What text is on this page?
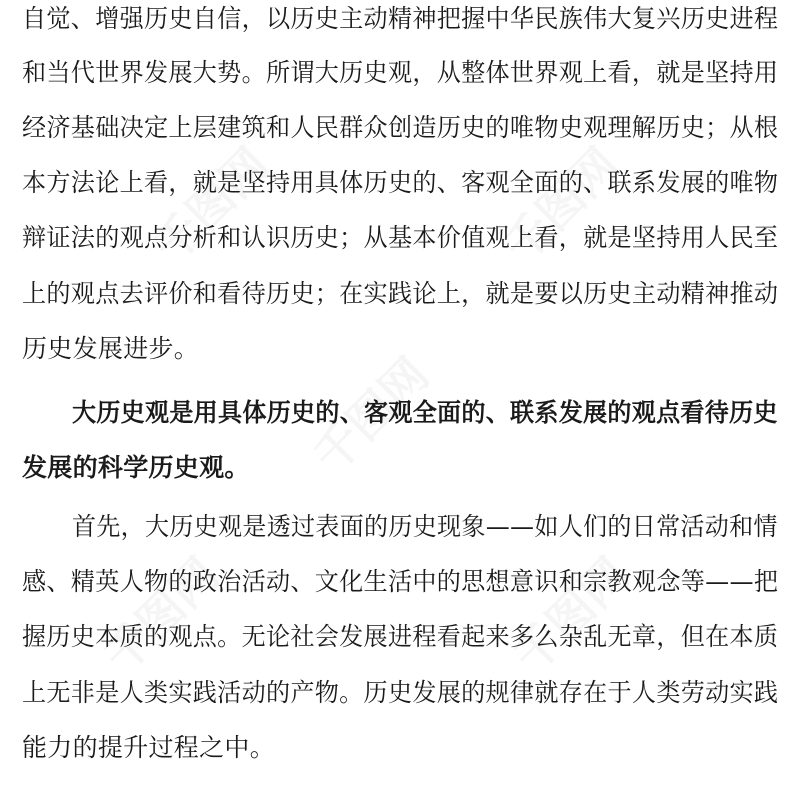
千图网	千图网
千图网
千图网	千图网
自觉、增强历史自信，以历史主动精神把握中华民族伟大复兴历史进程
和当代世界发展大势。所谓大历史观，从整体世界观上看，就是坚持用
经济基础决定上层建筑和人民群众创造历史的唯物史观理解历史；从根
本方法论上看，就是坚持用具体历史的、客观全面的、联系发展的唯物
辩证法的观点分析和认识历史；从基本价值观上看，就是坚持用人民至
上的观点去评价和看待历史；在实践论上，就是要以历史主动精神推动
历史发展进步。
大历史观是用具体历史的、客观全面的、联系发展的观点看待历史
发展的科学历史观。
首先，大历史观是透过表面的历史现象——如人们的日常活动和情
感、精英人物的政治活动、文化生活中的思想意识和宗教观念等——把
握历史本质的观点。无论社会发展进程看起来多么杂乱无章，但在本质
上无非是人类实践活动的产物。历史发展的规律就存在于人类劳动实践
能力的提升过程之中。
